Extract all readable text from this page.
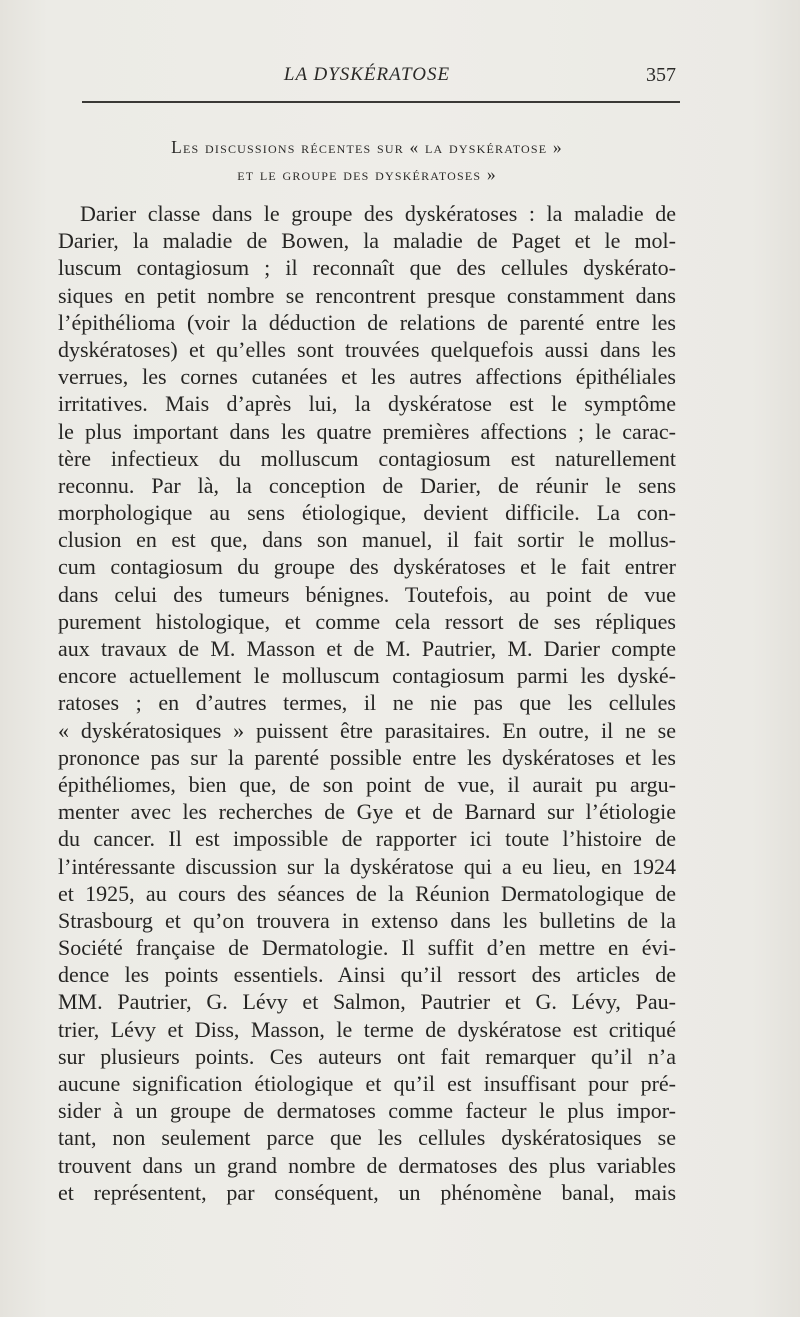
LA DYSKÉRATOSE	357
Les discussions récentes sur « la dyskératose »
et le groupe des dyskératoses »
Darier classe dans le groupe des dyskératoses : la maladie de
Darier, la maladie de Bowen, la maladie de Paget et le mol-
luscum contagiosum ; il reconnaît que des cellules dyskérato-
siques en petit nombre se rencontrent presque constamment dans
l’épithélioma (voir la déduction de relations de parenté entre les
dyskératoses) et qu’elles sont trouvées quelquefois aussi dans les
verrues, les cornes cutanées et les autres affections épithéliales
irritatives. Mais d’après lui, la dyskératose est le symptôme
le plus important dans les quatre premières affections ; le carac-
tère infectieux du molluscum contagiosum est naturellement
reconnu. Par là, la conception de Darier, de réunir le sens
morphologique au sens étiologique, devient difficile. La con-
clusion en est que, dans son manuel, il fait sortir le mollus-
cum contagiosum du groupe des dyskératoses et le fait entrer
dans celui des tumeurs bénignes. Toutefois, au point de vue
purement histologique, et comme cela ressort de ses répliques
aux travaux de M. Masson et de M. Pautrier, M. Darier compte
encore actuellement le molluscum contagiosum parmi les dyské-
ratoses ; en d’autres termes, il ne nie pas que les cellules
« dyskératosiques » puissent être parasitaires. En outre, il ne se
prononce pas sur la parenté possible entre les dyskératoses et les
épithéliomes, bien que, de son point de vue, il aurait pu argu-
menter avec les recherches de Gye et de Barnard sur l’étiologie
du cancer. Il est impossible de rapporter ici toute l’histoire de
l’intéressante discussion sur la dyskératose qui a eu lieu, en 1924
et 1925, au cours des séances de la Réunion Dermatologique de
Strasbourg et qu’on trouvera in extenso dans les bulletins de la
Société française de Dermatologie. Il suffit d’en mettre en évi-
dence les points essentiels. Ainsi qu’il ressort des articles de
MM. Pautrier, G. Lévy et Salmon, Pautrier et G. Lévy, Pau-
trier, Lévy et Diss, Masson, le terme de dyskératose est critiqué
sur plusieurs points. Ces auteurs ont fait remarquer qu’il n’a
aucune signification étiologique et qu’il est insuffisant pour pré-
sider à un groupe de dermatoses comme facteur le plus impor-
tant, non seulement parce que les cellules dyskératosiques se
trouvent dans un grand nombre de dermatoses des plus variables
et représentent, par conséquent, un phénomène banal, mais
